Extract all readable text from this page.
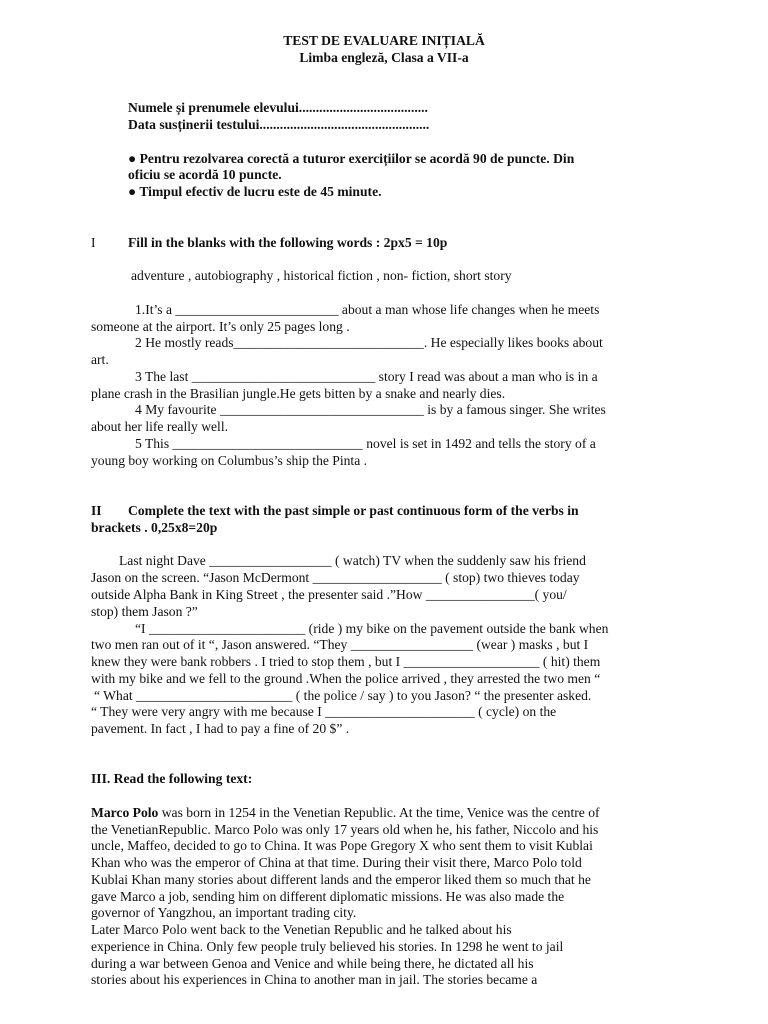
TEST DE EVALUARE INIȚIALĂ
Limba engleză, Clasa a VII-a
Numele și prenumele elevului......................................
Data susținerii testului..................................................
● Pentru rezolvarea corectă a tuturor exercițiilor se acordă 90 de puncte. Din
oficiu se acordă 10 puncte.
● Timpul efectiv de lucru este de 45 minute.
I Fill in the blanks with the following words : 2px5 = 10p
adventure , autobiography , historical fiction , non- fiction, short story
1.It’s a ________________________ about a man whose life changes when he meets
someone at the airport. It’s only 25 pages long .
2 He mostly reads____________________________. He especially likes books about
art.
3 The last ___________________________ story I read was about a man who is in a
plane crash in the Brasilian jungle.He gets bitten by a snake and nearly dies.
4 My favourite ______________________________ is by a famous singer. She writes
about her life really well.
5 This ____________________________ novel is set in 1492 and tells the story of a
young boy working on Columbus’s ship the Pinta .
II Complete the text with the past simple or past continuous form of the verbs in
brackets . 0,25x8=20p
Last night Dave __________________ ( watch) TV when the suddenly saw his friend
Jason on the screen. “Jason McDermont ___________________ ( stop) two thieves today
outside Alpha Bank in King Street , the presenter said .”How ________________( you/
stop) them Jason ?”
“I _______________________ (ride ) my bike on the pavement outside the bank when
two men ran out of it “, Jason answered. “They __________________ (wear ) masks , but I
knew they were bank robbers . I tried to stop them , but I ____________________ ( hit) them
with my bike and we fell to the ground .When the police arrived , they arrested the two men “
“ What _______________________ ( the police / say ) to you Jason? “ the presenter asked.
“ They were very angry with me because I ______________________ ( cycle) on the
pavement. In fact , I had to pay a fine of 20 $” .
III. Read the following text:
Marco Polo was born in 1254 in the Venetian Republic. At the time, Venice was the centre of
the VenetianRepublic. Marco Polo was only 17 years old when he, his father, Niccolo and his
uncle, Maffeo, decided to go to China. It was Pope Gregory X who sent them to visit Kublai
Khan who was the emperor of China at that time. During their visit there, Marco Polo told
Kublai Khan many stories about different lands and the emperor liked them so much that he
gave Marco a job, sending him on different diplomatic missions. He was also made the
governor of Yangzhou, an important trading city.
Later Marco Polo went back to the Venetian Republic and he talked about his
experience in China. Only few people truly believed his stories. In 1298 he went to jail
during a war between Genoa and Venice and while being there, he dictated all his
stories about his experiences in China to another man in jail. The stories became a
